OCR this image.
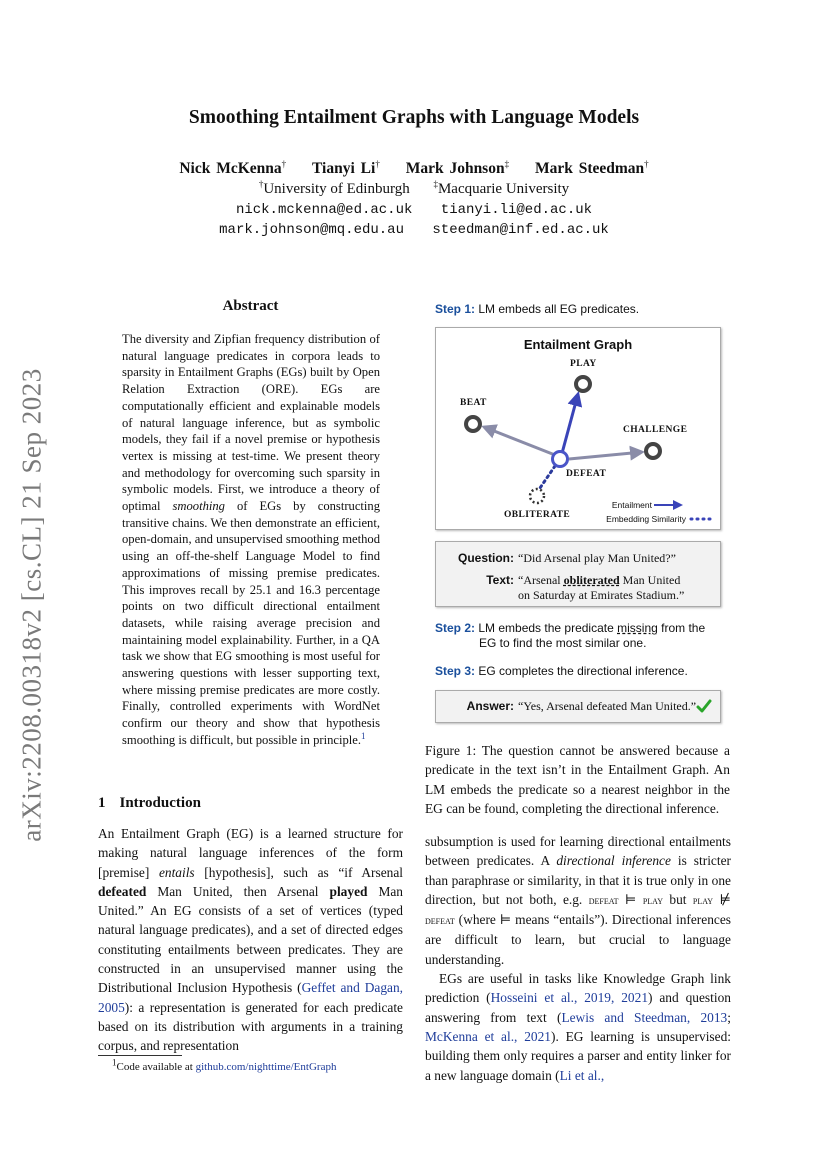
arXiv:2208.00318v2 [cs.CL] 21 Sep 2023
Smoothing Entailment Graphs with Language Models
Nick McKenna† Tianyi Li† Mark Johnson‡ Mark Steedman†
†University of Edinburgh	‡Macquarie University
nick.mckenna@ed.ac.uk tianyi.li@ed.ac.uk
mark.johnson@mq.edu.au steedman@inf.ed.ac.uk
Abstract
The diversity and Zipfian frequency distribution of natural language predicates in corpora leads to sparsity in Entailment Graphs (EGs) built by Open Relation Extraction (ORE). EGs are computationally efficient and explainable models of natural language inference, but as symbolic models, they fail if a novel premise or hypothesis vertex is missing at test-time. We present theory and methodology for overcoming such sparsity in symbolic models. First, we introduce a theory of optimal smoothing of EGs by constructing transitive chains. We then demonstrate an efficient, open-domain, and unsupervised smoothing method using an off-the-shelf Language Model to find approximations of missing premise predicates. This improves recall by 25.1 and 16.3 percentage points on two difficult directional entailment datasets, while raising average precision and maintaining model explainability. Further, in a QA task we show that EG smoothing is most useful for answering questions with lesser supporting text, where missing premise predicates are more costly. Finally, controlled experiments with WordNet confirm our theory and show that hypothesis smoothing is difficult, but possible in principle.$^1$
1 Introduction
An Entailment Graph (EG) is a learned structure for making natural language inferences of the form [premise] entails [hypothesis], such as “if Arsenal defeated Man United, then Arsenal played Man United.” An EG consists of a set of vertices (typed natural language predicates), and a set of directed edges constituting entailments between predicates. They are constructed in an unsupervised manner using the Distributional Inclusion Hypothesis (Geffet and Dagan, 2005): a representation is generated for each predicate based on its distribution with arguments in a training corpus, and representation
$^1$Code available at github.com/nighttime/EntGraph
subsumption is used for learning directional entailments between predicates. A directional inference is stricter than paraphrase or similarity, in that it is true only in one direction, but not both, e.g. defeat ⊨ play but play ⊭ defeat (where ⊨ means “entails”). Directional inferences are difficult to learn, but crucial to language understanding.
EGs are useful in tasks like Knowledge Graph link prediction (Hosseini et al., 2019, 2021) and question answering from text (Lewis and Steedman, 2013; McKenna et al., 2021). EG learning is unsupervised: building them only requires a parser and entity linker for a new language domain (Li et al.,
Step 1: LM embeds all EG predicates.
Entailment Graph
PLAY
BEAT
CHALLENGE
DEFEAT
OBLITERATE
Entailment
Embedding Similarity
Question: “Did Arsenal play Man United?”
Text: “Arsenal obliterated Man United
on Saturday at Emirates Stadium.”
Step 2: LM embeds the predicate missing from the
EG to find the most similar one.
Step 3: EG completes the directional inference.
Answer: “Yes, Arsenal defeated Man United.”
Figure 1: The question cannot be answered because a predicate in the text isn’t in the Entailment Graph. An LM embeds the predicate so a nearest neighbor in the EG can be found, completing the directional inference.
